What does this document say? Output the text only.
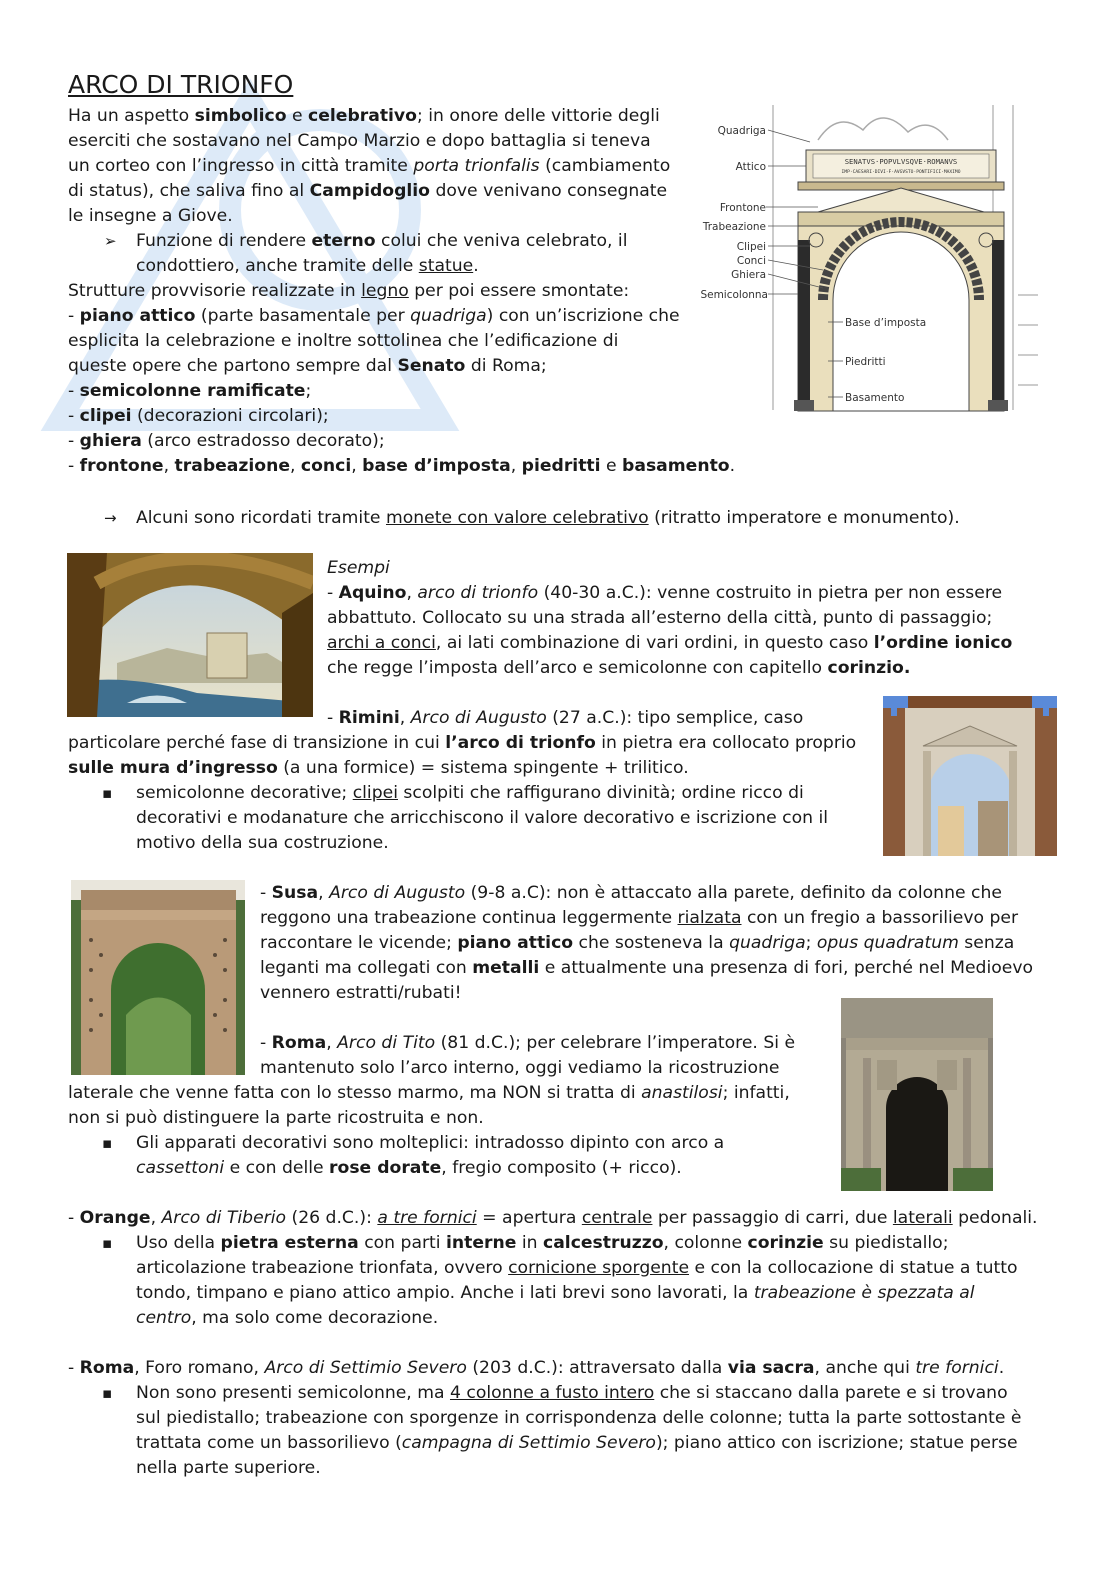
ARCO DI TRIONFO
Ha un aspetto simbolico e celebrativo; in onore delle vittorie degli
eserciti che sostavano nel Campo Marzio e dopo battaglia si teneva
un corteo con l’ingresso in città tramite porta trionfalis (cambiamento
di status), che saliva fino al Campidoglio dove venivano consegnate
le insegne a Giove.
➢ Funzione di rendere eterno colui che veniva celebrato, il
condottiero, anche tramite delle statue.
Strutture provvisorie realizzate in legno per poi essere smontate:
- piano attico (parte basamentale per quadriga) con un’iscrizione che
esplicita la celebrazione e inoltre sottolinea che l’edificazione di
queste opere che partono sempre dal Senato di Roma;
- semicolonne ramificate;
- clipei (decorazioni circolari);
- ghiera (arco estradosso decorato);
- frontone, trabeazione, conci, base d’imposta, piedritti e basamento.
Quadriga
Attico
Frontone
Trabeazione
Clipei
Conci
Ghiera
Semicolonna
Base d’imposta
Piedritti
Basamento
SENATVS·POPVLVSQVE·ROMANVS
IMP·CAESARI·DIVI·F·AVGVSTO·PONTIFICI·MAXIMO
→ Alcuni sono ricordati tramite monete con valore celebrativo (ritratto imperatore e monumento).
Esempi
- Aquino, arco di trionfo (40-30 a.C.): venne costruito in pietra per non essere
abbattuto. Collocato su una strada all’esterno della città, punto di passaggio;
archi a conci, ai lati combinazione di vari ordini, in questo caso l’ordine ionico
che regge l’imposta dell’arco e semicolonne con capitello corinzio.
- Rimini, Arco di Augusto (27 a.C.): tipo semplice, caso
particolare perché fase di transizione in cui l’arco di trionfo in pietra era collocato proprio
sulle mura d’ingresso (a una formice) = sistema spingente + trilitico.
▪ semicolonne decorative; clipei scolpiti che raffigurano divinità; ordine ricco di
decorativi e modanature che arricchiscono il valore decorativo e iscrizione con il
motivo della sua costruzione.
- Susa, Arco di Augusto (9-8 a.C): non è attaccato alla parete, definito da colonne che
reggono una trabeazione continua leggermente rialzata con un fregio a bassorilievo per
raccontare le vicende; piano attico che sosteneva la quadriga; opus quadratum senza
leganti ma collegati con metalli e attualmente una presenza di fori, perché nel Medioevo
vennero estratti/rubati!
- Roma, Arco di Tito (81 d.C.); per celebrare l’imperatore. Si è
mantenuto solo l’arco interno, oggi vediamo la ricostruzione
laterale che venne fatta con lo stesso marmo, ma NON si tratta di anastilosi; infatti,
non si può distinguere la parte ricostruita e non.
▪ Gli apparati decorativi sono molteplici: intradosso dipinto con arco a
cassettoni e con delle rose dorate, fregio composito (+ ricco).
- Orange, Arco di Tiberio (26 d.C.): a tre fornici = apertura centrale per passaggio di carri, due laterali pedonali.
▪ Uso della pietra esterna con parti interne in calcestruzzo, colonne corinzie su piedistallo;
articolazione trabeazione trionfata, ovvero cornicione sporgente e con la collocazione di statue a tutto
tondo, timpano e piano attico ampio. Anche i lati brevi sono lavorati, la trabeazione è spezzata al
centro, ma solo come decorazione.
- Roma, Foro romano, Arco di Settimio Severo (203 d.C.): attraversato dalla via sacra, anche qui tre fornici.
▪ Non sono presenti semicolonne, ma 4 colonne a fusto intero che si staccano dalla parete e si trovano
sul piedistallo; trabeazione con sporgenze in corrispondenza delle colonne; tutta la parte sottostante è
trattata come un bassorilievo (campagna di Settimio Severo); piano attico con iscrizione; statue perse
nella parte superiore.
